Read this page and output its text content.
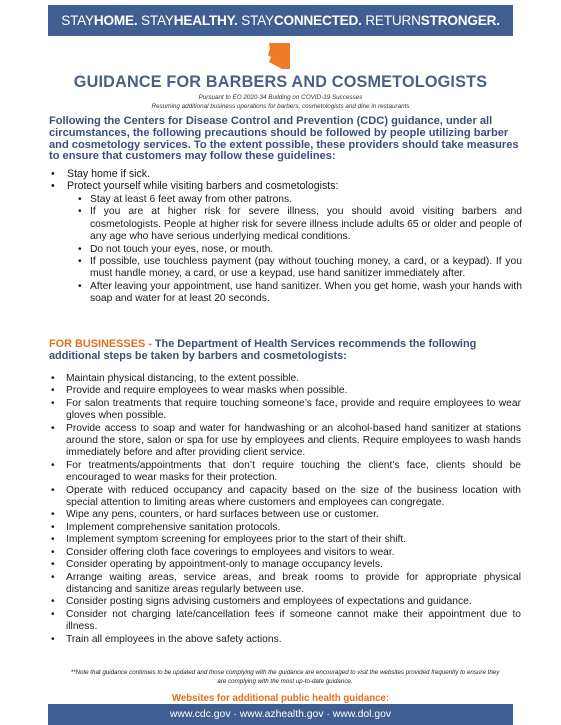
STAYHOME. STAYHEALTHY. STAYCONNECTED. RETURNSTRONGER.
GUIDANCE FOR BARBERS AND COSMETOLOGISTS
Pursuant to EO 2020-34 Building on COVID-19 Successes
Resuming additional business operations for barbers, cosmetologists and dine in restaurants
Following the Centers for Disease Control and Prevention (CDC) guidance, under all circumstances, the following precautions should be followed by people utilizing barber and cosmetology services. To the extent possible, these providers should take measures to ensure that customers may follow these guidelines:
• Stay home if sick.
• Protect yourself while visiting barbers and cosmetologists:
• Stay at least 6 feet away from other patrons.
• If you are at higher risk for severe illness, you should avoid visiting barbers and cosmetologists. People at higher risk for severe illness include adults 65 or older and people of any age who have serious underlying medical conditions.
• Do not touch your eyes, nose, or mouth.
• If possible, use touchless payment (pay without touching money, a card, or a keypad). If you must handle money, a card, or use a keypad, use hand sanitizer immediately after.
• After leaving your appointment, use hand sanitizer. When you get home, wash your hands with soap and water for at least 20 seconds.
FOR BUSINESSES - The Department of Health Services recommends the following additional steps be taken by barbers and cosmetologists:
• Maintain physical distancing, to the extent possible.
• Provide and require employees to wear masks when possible.
• For salon treatments that require touching someone’s face, provide and require employees to wear gloves when possible.
• Provide access to soap and water for handwashing or an alcohol-based hand sanitizer at stations around the store, salon or spa for use by employees and clients. Require employees to wash hands immediately before and after providing client service.
• For treatments/appointments that don’t require touching the client’s face, clients should be encouraged to wear masks for their protection.
• Operate with reduced occupancy and capacity based on the size of the business location with special attention to limiting areas where customers and employees can congregate.
• Wipe any pens, counters, or hard surfaces between use or customer.
• Implement comprehensive sanitation protocols.
• Implement symptom screening for employees prior to the start of their shift.
• Consider offering cloth face coverings to employees and visitors to wear.
• Consider operating by appointment-only to manage occupancy levels.
• Arrange waiting areas, service areas, and break rooms to provide for appropriate physical distancing and sanitize areas regularly between use.
• Consider posting signs advising customers and employees of expectations and guidance.
• Consider not charging late/cancellation fees if someone cannot make their appointment due to illness.
• Train all employees in the above safety actions.
**Note that guidance continues to be updated and those complying with the guidance are encouraged to visit the websites provided frequently to ensure they are complying with the most up-to-date guidance.
Websites for additional public health guidance:
www.cdc.gov · www.azhealth.gov · www.dol.gov
